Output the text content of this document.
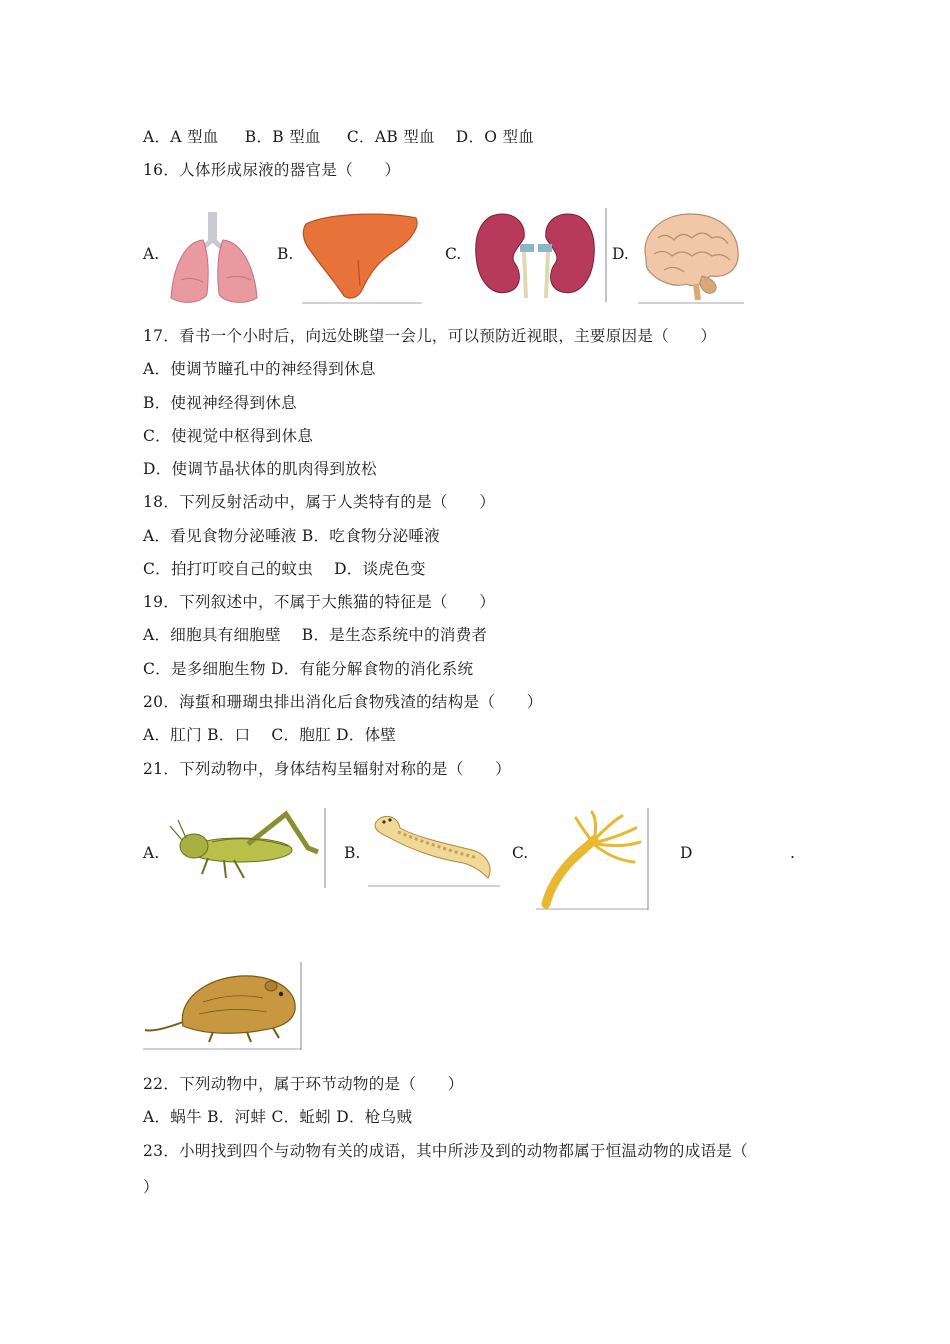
A．A 型血     B．B 型血     C．AB 型血    D．O 型血
16．人体形成尿液的器官是（　　）
A.	B.	C.	D.
17．看书一个小时后，向远处眺望一会儿，可以预防近视眼，主要原因是（　　）
A．使调节瞳孔中的神经得到休息
B．使视神经得到休息
C．使视觉中枢得到休息
D．使调节晶状体的肌肉得到放松
18．下列反射活动中，属于人类特有的是（　　）
A．看见食物分泌唾液 B．吃食物分泌唾液
C．拍打叮咬自己的蚊虫    D．谈虎色变
19．下列叙述中，不属于大熊猫的特征是（　　）
A．细胞具有细胞壁    B．是生态系统中的消费者
C．是多细胞生物 D．有能分解食物的消化系统
20．海蜇和珊瑚虫排出消化后食物残渣的结构是（　　）
A．肛门 B．口    C．胞肛 D．体壁
21．下列动物中，身体结构呈辐射对称的是（　　）
A.	B.	C.	D	.
22．下列动物中，属于环节动物的是（　　）
A．蜗牛 B．河蚌 C．蚯蚓 D．枪乌贼
23．小明找到四个与动物有关的成语，其中所涉及到的动物都属于恒温动物的成语是（
）
